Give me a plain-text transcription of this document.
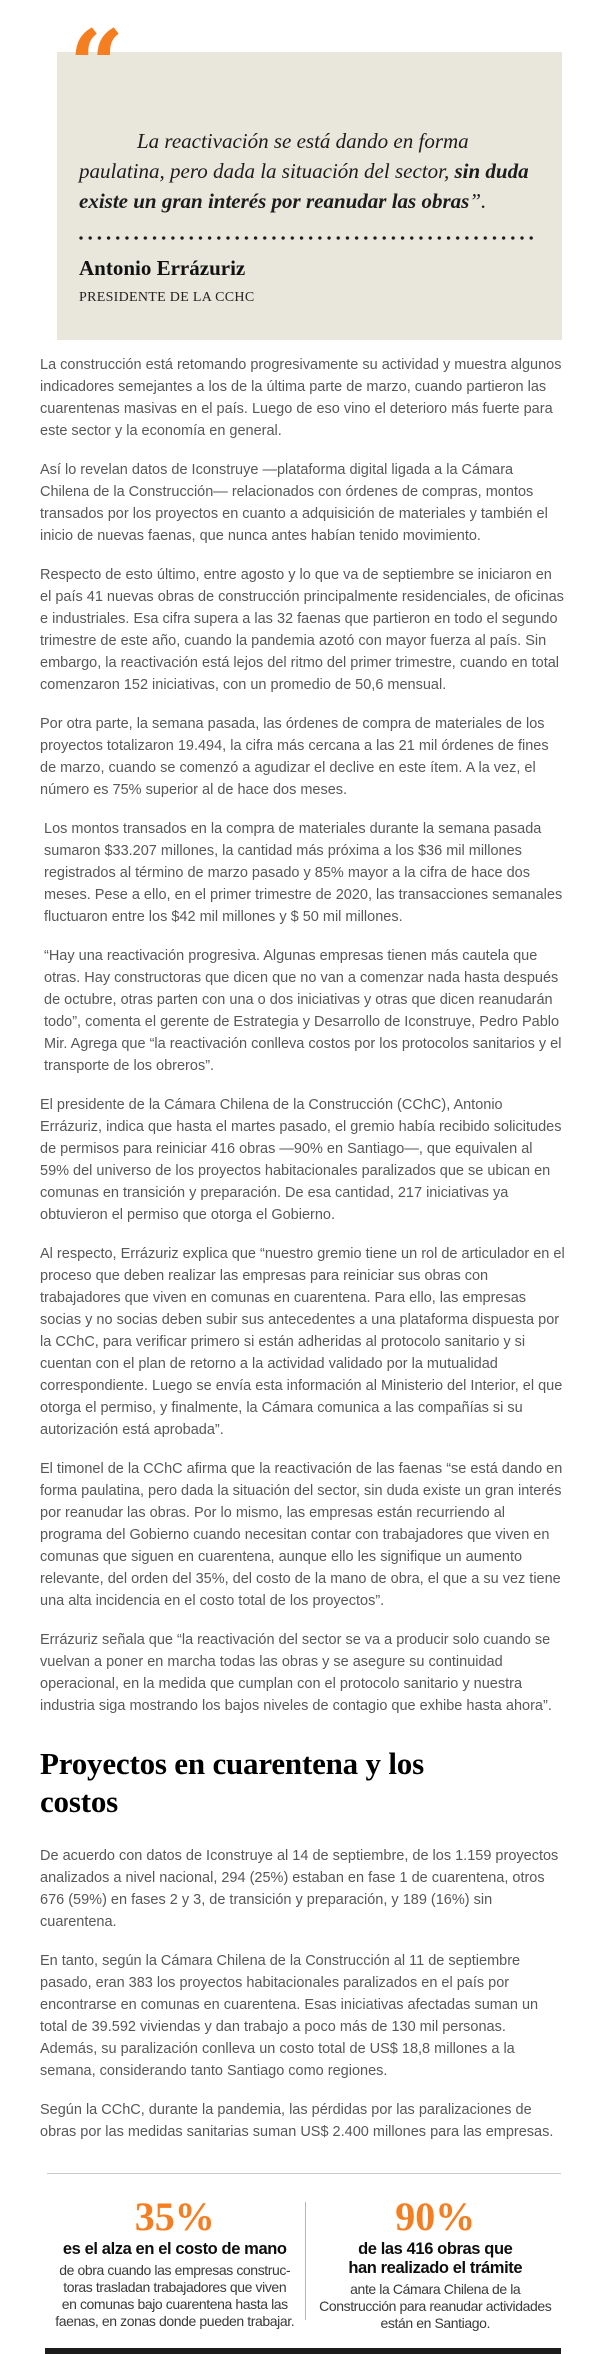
“

La reactivación se está dando en forma paulatina, pero dada la situación del sector, sin duda existe un gran interés por reanudar las obras”.

Antonio Errázuriz
PRESIDENTE DE LA CCHC

La construcción está retomando progresivamente su actividad y muestra algunos indicadores semejantes a los de la última parte de marzo, cuando partieron las cuarentenas masivas en el país. Luego de eso vino el deterioro más fuerte para este sector y la economía en general.

Así lo revelan datos de Iconstruye —plataforma digital ligada a la Cámara Chilena de la Construcción— relacionados con órdenes de compras, montos transados por los proyectos en cuanto a adquisición de materiales y también el inicio de nuevas faenas, que nunca antes habían tenido movimiento.

Respecto de esto último, entre agosto y lo que va de septiembre se iniciaron en el país 41 nuevas obras de construcción principalmente residenciales, de oficinas e industriales. Esa cifra supera a las 32 faenas que partieron en todo el segundo trimestre de este año, cuando la pandemia azotó con mayor fuerza al país. Sin embargo, la reactivación está lejos del ritmo del primer trimestre, cuando en total comenzaron 152 iniciativas, con un promedio de 50,6 mensual.

Por otra parte, la semana pasada, las órdenes de compra de materiales de los proyectos totalizaron 19.494, la cifra más cercana a las 21 mil órdenes de fines de marzo, cuando se comenzó a agudizar el declive en este ítem. A la vez, el número es 75% superior al de hace dos meses.

Los montos transados en la compra de materiales durante la semana pasada sumaron $33.207 millones, la cantidad más próxima a los $36 mil millones registrados al término de marzo pasado y 85% mayor a la cifra de hace dos meses. Pese a ello, en el primer trimestre de 2020, las transacciones semanales fluctuaron entre los $42 mil millones y $ 50 mil millones.

“Hay una reactivación progresiva. Algunas empresas tienen más cautela que otras. Hay constructoras que dicen que no van a comenzar nada hasta después de octubre, otras parten con una o dos iniciativas y otras que dicen reanudarán todo”, comenta el gerente de Estrategia y Desarrollo de Iconstruye, Pedro Pablo Mir. Agrega que “la reactivación conlleva costos por los protocolos sanitarios y el transporte de los obreros”.

El presidente de la Cámara Chilena de la Construcción (CChC), Antonio Errázuriz, indica que hasta el martes pasado, el gremio había recibido solicitudes de permisos para reiniciar 416 obras —90% en Santiago—, que equivalen al 59% del universo de los proyectos habitacionales paralizados que se ubican en comunas en transición y preparación. De esa cantidad, 217 iniciativas ya obtuvieron el permiso que otorga el Gobierno.

Al respecto, Errázuriz explica que “nuestro gremio tiene un rol de articulador en el proceso que deben realizar las empresas para reiniciar sus obras con trabajadores que viven en comunas en cuarentena. Para ello, las empresas socias y no socias deben subir sus antecedentes a una plataforma dispuesta por la CChC, para verificar primero si están adheridas al protocolo sanitario y si cuentan con el plan de retorno a la actividad validado por la mutualidad correspondiente. Luego se envía esta información al Ministerio del Interior, el que otorga el permiso, y finalmente, la Cámara comunica a las compañías si su autorización está aprobada”.

El timonel de la CChC afirma que la reactivación de las faenas “se está dando en forma paulatina, pero dada la situación del sector, sin duda existe un gran interés por reanudar las obras. Por lo mismo, las empresas están recurriendo al programa del Gobierno cuando necesitan contar con trabajadores que viven en comunas que siguen en cuarentena, aunque ello les signifique un aumento relevante, del orden del 35%, del costo de la mano de obra, el que a su vez tiene una alta incidencia en el costo total de los proyectos”.

Errázuriz señala que “la reactivación del sector se va a producir solo cuando se vuelvan a poner en marcha todas las obras y se asegure su continuidad operacional, en la medida que cumplan con el protocolo sanitario y nuestra industria siga mostrando los bajos niveles de contagio que exhibe hasta ahora”.

Proyectos en cuarentena y los costos

De acuerdo con datos de Iconstruye al 14 de septiembre, de los 1.159 proyectos analizados a nivel nacional, 294 (25%) estaban en fase 1 de cuarentena, otros 676 (59%) en fases 2 y 3, de transición y preparación, y 189 (16%) sin cuarentena.

En tanto, según la Cámara Chilena de la Construcción al 11 de septiembre pasado, eran 383 los proyectos habitacionales paralizados en el país por encontrarse en comunas en cuarentena. Esas iniciativas afectadas suman un total de 39.592 viviendas y dan trabajo a poco más de 130 mil personas. Además, su paralización conlleva un costo total de US$ 18,8 millones a la semana, considerando tanto Santiago como regiones.

Según la CChC, durante la pandemia, las pérdidas por las paralizaciones de obras por las medidas sanitarias suman US$ 2.400 millones para las empresas.

35%
es el alza en el costo de mano
de obra cuando las empresas construc-
toras trasladan trabajadores que viven
en comunas bajo cuarentena hasta las
faenas, en zonas donde pueden trabajar.
90%
de las 416 obras que
han realizado el trámite
ante la Cámara Chilena de la
Construcción para reanudar actividades
están en Santiago.
